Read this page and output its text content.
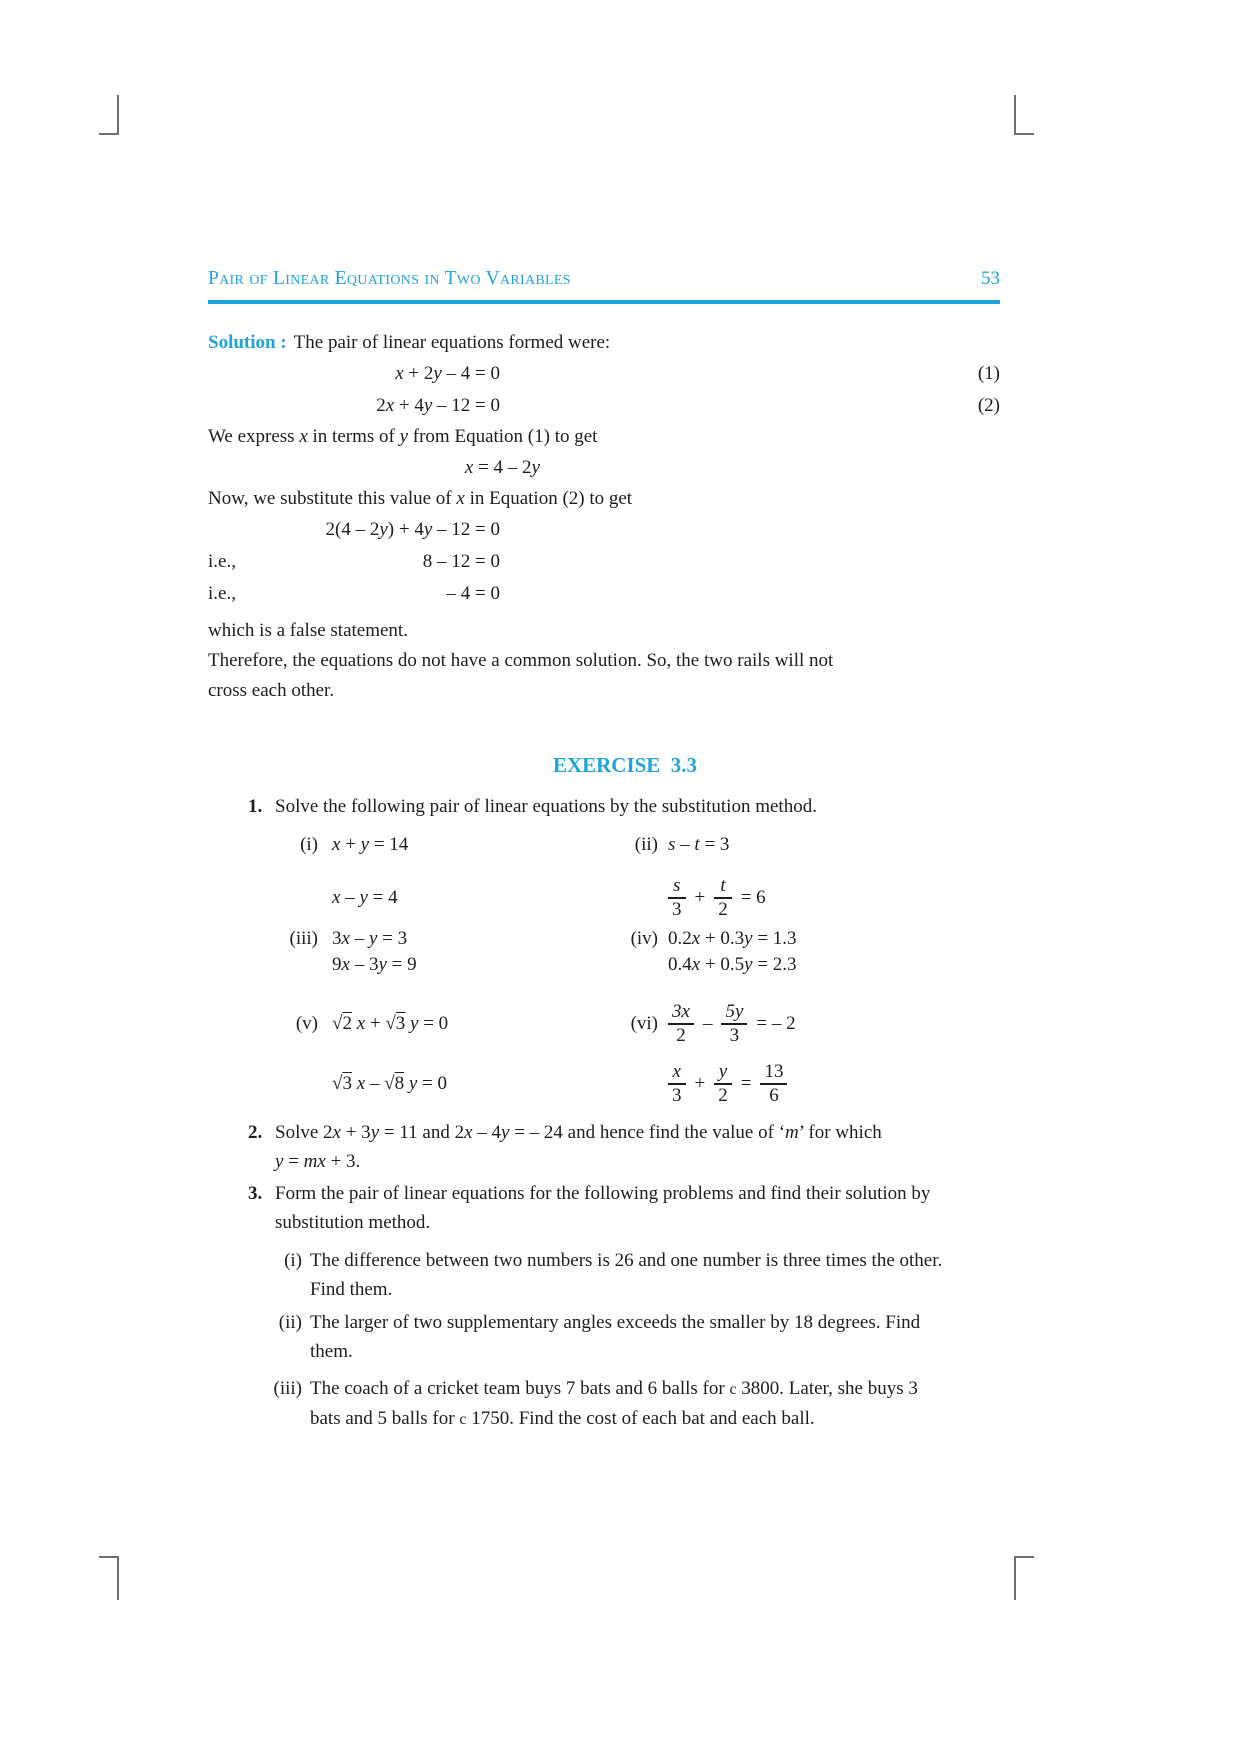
Pair of Linear Equations in Two Variables	53
Solution : The pair of linear equations formed were:
x + 2y – 4 = 0	(1)
2x + 4y – 12 = 0	(2)
We express x in terms of y from Equation (1) to get
x = 4 – 2y
Now, we substitute this value of x in Equation (2) to get
2(4 – 2y) + 4y – 12 = 0
i.e.,	8 – 12 = 0
i.e.,	– 4 = 0
which is a false statement.
Therefore, the equations do not have a common solution. So, the two rails will not
cross each other.
EXERCISE  3.3
1. Solve the following pair of linear equations by the substitution method.
(i) x + y = 14
x – y = 4
(ii) s – t = 3
$\frac{s}{3} + \frac{t}{2} = 6$
(iii) 3x – y = 3
9x – 3y = 9
(iv) 0.2x + 0.3y = 1.3
0.4x + 0.5y = 2.3
(v) √2 x + √3 y = 0
√3 x – √8 y = 0
$(vi) \frac{3x}{2} - \frac{5y}{3}$ = – 2
$\frac{x}{3} + \frac{y}{2} = \frac{13}{6}$
2. Solve 2x + 3y = 11 and 2x – 4y = – 24 and hence find the value of ‘m’ for which
y = mx + 3.
3. Form the pair of linear equations for the following problems and find their solution by
substitution method.
(i) The difference between two numbers is 26 and one number is three times the other.
Find them.
(ii) The larger of two supplementary angles exceeds the smaller by 18 degrees. Find
them.
(iii) The coach of a cricket team buys 7 bats and 6 balls for c 3800. Later, she buys 3
bats and 5 balls for c 1750. Find the cost of each bat and each ball.
